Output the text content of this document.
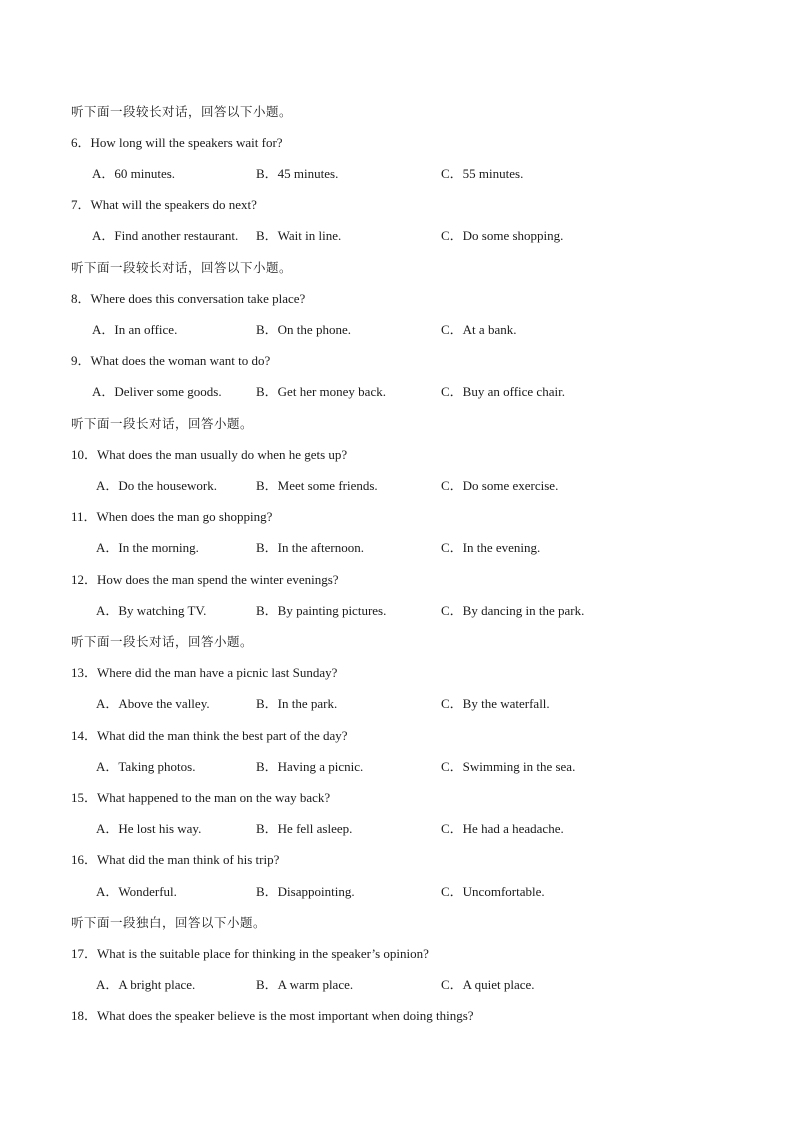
听下面一段较长对话，回答以下小题。
6．How long will the speakers wait for?
A．60 minutes.	B．45 minutes.	C．55 minutes.
7．What will the speakers do next?
A．Find another restaurant. B．Wait in line.	C．Do some shopping.
听下面一段较长对话，回答以下小题。
8．Where does this conversation take place?
A．In an office.	B．On the phone.	C．At a bank.
9．What does the woman want to do?
A．Deliver some goods.	B．Get her money back.	C．Buy an office chair.
听下面一段长对话，回答小题。
10．What does the man usually do when he gets up?
A．Do the housework.	B．Meet some friends.	C．Do some exercise.
11．When does the man go shopping?
A．In the morning.	B．In the afternoon.	C．In the evening.
12．How does the man spend the winter evenings?
A．By watching TV.	B．By painting pictures.	C．By dancing in the park.
听下面一段长对话，回答小题。
13．Where did the man have a picnic last Sunday?
A．Above the valley.	B．In the park.	C．By the waterfall.
14．What did the man think the best part of the day?
A．Taking photos.	B．Having a picnic.	C．Swimming in the sea.
15．What happened to the man on the way back?
A．He lost his way.	B．He fell asleep.	C．He had a headache.
16．What did the man think of his trip?
A．Wonderful.	B．Disappointing.	C．Uncomfortable.
听下面一段独白，回答以下小题。
17．What is the suitable place for thinking in the speaker’s opinion?
A．A bright place.	B．A warm place.	C．A quiet place.
18．What does the speaker believe is the most important when doing things?
